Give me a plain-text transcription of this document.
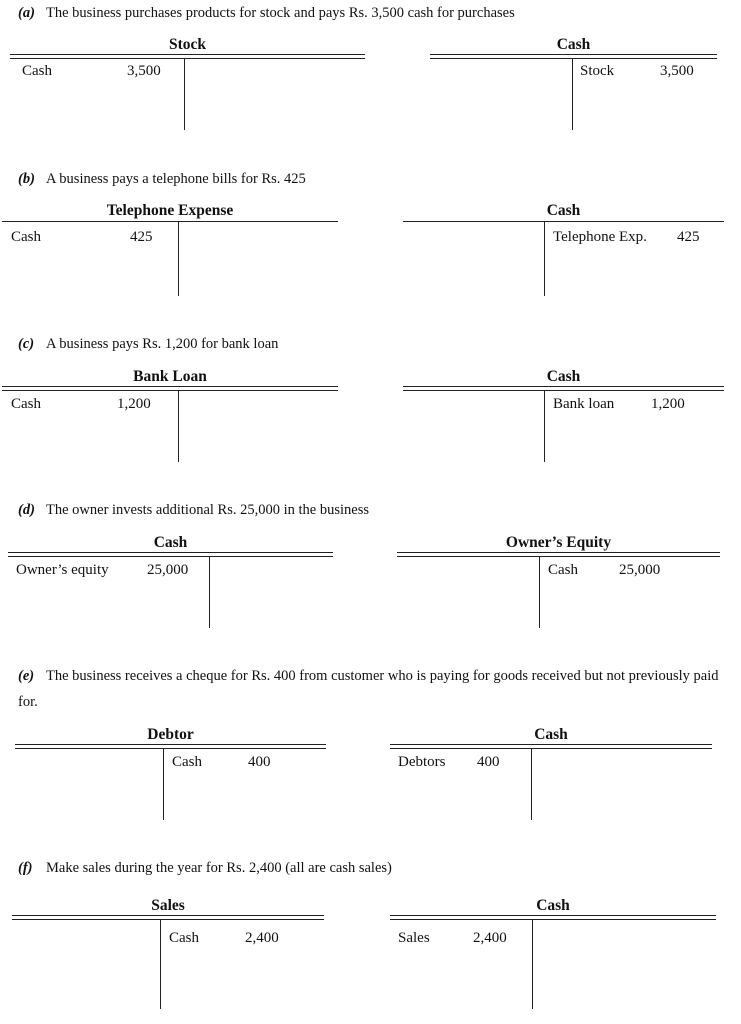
(a) The business purchases products for stock and pays Rs. 3,500 cash for purchases
Stock
Cash	3,500
Cash
Stock	3,500
(b) A business pays a telephone bills for Rs. 425
Telephone Expense
Cash	425
Cash
Telephone Exp. 425
(c) A business pays Rs. 1,200 for bank loan
Bank Loan
Cash	1,200
Cash
Bank loan 1,200
(d) The owner invests additional Rs. 25,000 in the business
Cash
Owner’s equity	25,000
Owner’s Equity
Cash	25,000
(e) The business receives a cheque for Rs. 400 from customer who is paying for goods received but not previously paid for.
Debtor
Cash	400
Cash
Debtors 400
(f) Make sales during the year for Rs. 2,400 (all are cash sales)
Sales
Cash	2,400
Cash
Sales	2,400
